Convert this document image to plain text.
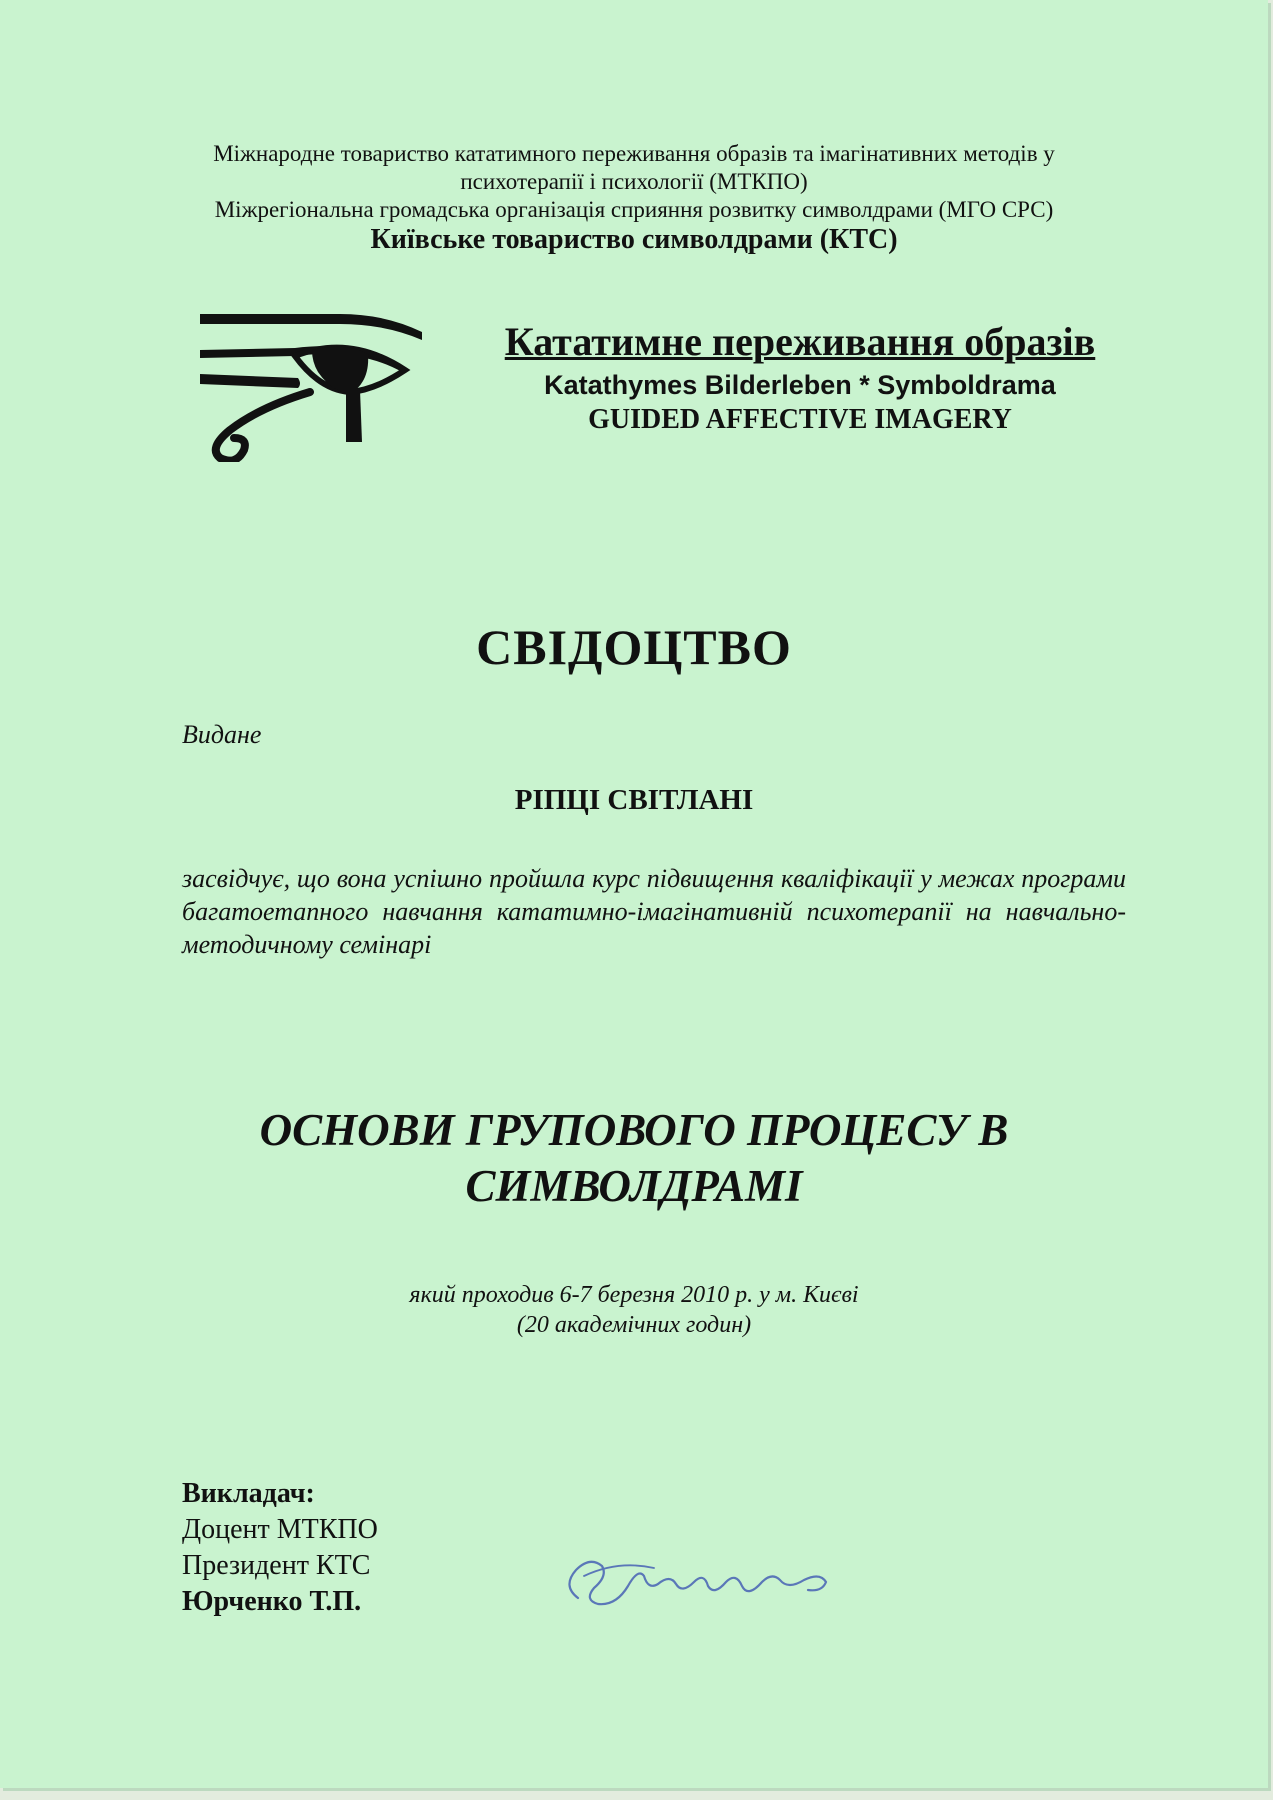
Міжнародне товариство кататимного переживання образів та імагінативних методів у
психотерапії і психології (МТКПО)
Міжрегіональна громадська організація сприяння розвитку символдрами (МГО СРС)
Київське товариство символдрами (КТС)
Кататимне переживання образів
Katathymes Bilderleben * Symboldrama
GUIDED AFFECTIVE IMAGERY
СВІДОЦТВО
Видане
РІПЦІ СВІТЛАНІ
засвідчує, що вона успішно пройшла курс підвищення кваліфікації у межах програми багатоетапного навчання кататимно-імагінативній психотерапії на навчально-методичному семінарі
ОСНОВИ ГРУПОВОГО ПРОЦЕСУ В
СИМВОЛДРАМІ
який проходив 6-7 березня 2010 р. у м. Києві
(20 академічних годин)
Викладач:
Доцент МТКПО
Президент КТС
Юрченко Т.П.
